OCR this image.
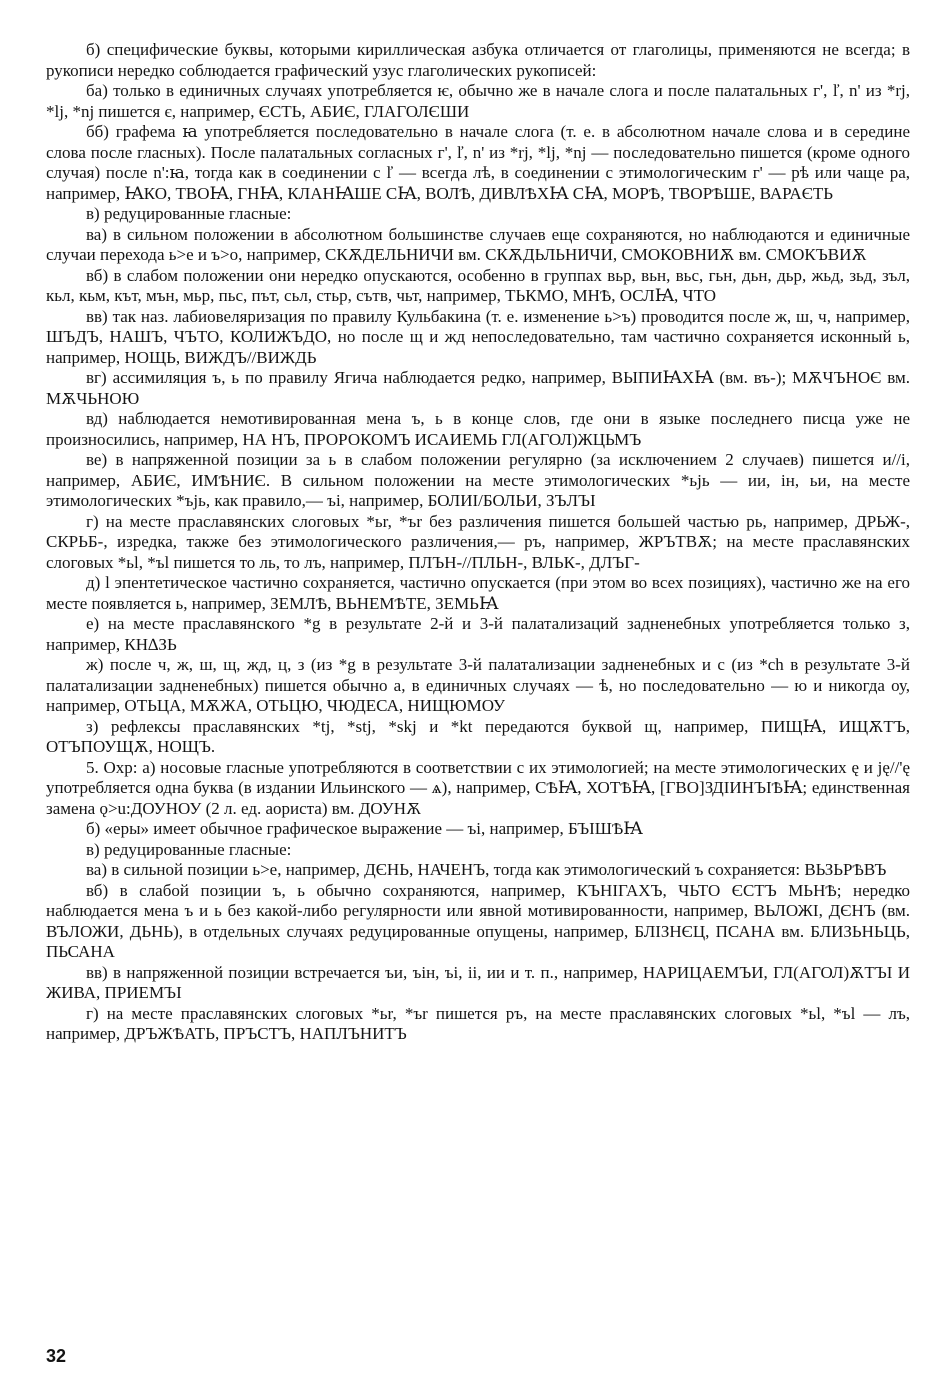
б) специфические буквы, которыми кириллическая азбука отличается от глаголицы, применяются не всегда; в рукописи нередко соблюдается графический узус глаголических рукописей:

ба) только в единичных случаях употребляется ѥ, обычно же в начале слога и после палатальных г', ľ, n' из *rj, *lj, *nj пишется є, например, ЄСТЬ, АБИЄ, ГЛАГОЛЄШИ

бб) графема ꙗ употребляется последовательно в начале слога (т. е. в абсолютном начале слова и в середине слова после гласных). После палатальных согласных г', ľ, n' из *rj, *lj, *nj — последовательно пишется (кроме одного случая) после n':ꙗ, тогда как в соединении с ľ — всегда лѣ, в соединении с этимологическим г' — рѣ или чаще ра, например, ꙖКО, ТВОꙖ, ГНꙖ, КЛАНꙖШЕ СꙖ, ВОЛѢ, ДИВЛѢХꙖ СꙖ, МОРѢ, ТВОРѢШЕ, ВАРАЄТЬ

в) редуцированные гласные:

ва) в сильном положении в абсолютном большинстве случаев еще сохраняются, но наблюдаются и единичные случаи перехода ь>е и ъ>о, например, СКѪДЕЛЬНИЧИ вм. СКѪДЬЛЬНИЧИ, СМОКОВНИѪ вм. СМОКЪВИѪ

вб) в слабом положении они нередко опускаются, особенно в группах вьр, вьн, вьс, гьн, дьн, дьр, жьд, зьд, зъл, кьл, кьм, кът, мън, мьр, пьс, път, сьл, стьр, сътв, чьт, например, ТЬКМО, МНѢ, ОСЛꙖ, ЧТО

вв) так наз. лабиовеляризация по правилу Кульбакина (т. е. изменение ь>ъ) проводится после ж, ш, ч, например, ШЪДЪ, НАШЪ, ЧЪТО, КОЛИЖЪДО, но после щ и жд непоследовательно, там частично сохраняется исконный ь, например, НОЩЬ, ВИЖДЪ//ВИЖДЬ

вг) ассимиляция ъ, ь по правилу Ягича наблюдается редко, например, ВЫПИꙖХꙖ (вм. въ-); МѪЧЪНОЄ вм. МѪЧЬНОЮ

вд) наблюдается немотивированная мена ъ, ь в конце слов, где они в языке последнего писца уже не произносились, например, НА НЪ, ПРОРОКОМЪ ИСАИЕМЬ ГЛ(АГОЛ)ЖЦЬМЪ

ве) в напряженной позиции за ь в слабом положении регулярно (за исключением 2 случаев) пишется и//і, например, АБИЄ, ИМѢНИЄ. В сильном положении на месте этимологических *ьјь — ии, ін, ьи, на месте этимологических *ъјь, как правило,— ъі, например, БОЛИІ/БОЛЬИ, ЗЪЛЪІ

г) на месте праславянских слоговых *ьr, *ъr без различения пишется большей частью рь, например, ДРЬЖ-, СКРЬБ-, изредка, также без этимологического различения,— ръ, например, ЖРЪТВѪ; на месте праславянских слоговых *ьl, *ъl пишется то ль, то лъ, например, ПЛЪН-//ПЛЬН-, ВЛЬК-, ДЛЪГ-

д) l эпентетическое частично сохраняется, частично опускается (при этом во всех позициях), частично же на его месте появляется ь, например, ЗЕМЛѢ, ВЬНЕМѢТЕ, ЗЕМЬꙖ

е) на месте праславянского *g в результате 2-й и 3-й палатализаций задненебных употребляется только з, например, КН∆ЗЬ

ж) после ч, ж, ш, щ, жд, ц, з (из *g в результате 3-й палатализации задненебных и с (из *ch в результате 3-й палатализации задненебных) пишется обычно а, в единичных случаях — ѣ, но последовательно — ю и никогда оу, например, ОТЬЦА, МѪЖА, ОТЬЦЮ, ЧЮДЕСА, НИЩЮМОУ

з) рефлексы праславянских *tj, *stj, *skj и *kt передаются буквой щ, например, ПИЩꙖ, ИЩѪТЪ, ОТЪПОУЩѪ, НОЩЪ.

5. Охр: а) носовые гласные употребляются в соответствии с их этимологией; на месте этимологических ę и ję//'ę употребляется одна буква (в издании Ильинского — ѧ), например, СѢꙖ, ХОТѢꙖ, [ГВО]ЗДІИНЪІѢꙖ; единственная замена ǫ>u:ДОУНОУ (2 л. ед. аориста) вм. ДОУНѪ

б) «еры» имеет обычное графическое выражение — ъі, например, БЪІШѢꙖ

в) редуцированные гласные:

ва) в сильной позиции ь>е, например, ДЄНЬ, НАЧЕНЪ, тогда как этимологический ъ сохраняется: ВЬЗЬРѢВЪ

вб) в слабой позиции ъ, ь обычно сохраняются, например, КЪНІГАХЪ, ЧЬТО ЄСТЪ МЬНѢ; нередко наблюдается мена ъ и ь без какой-либо регулярности или явной мотивированности, например, ВЬЛОЖІ, ДЄНЪ (вм. ВЪЛОЖИ, ДЬНЬ), в отдельных случаях редуцированные опущены, например, БЛІЗНЄЦ, ПСАНА вм. БЛИЗЬНЬЦЬ, ПЬСАНА

вв) в напряженной позиции встречается ъи, ъін, ъі, іі, ии и т. п., например, НАРИЦАЕМЪИ, ГЛ(АГОЛ)ѪТЪІ И ЖИВА, ПРИЕМЪІ

г) на месте праславянских слоговых *ьr, *ъr пишется ръ, на месте праславянских слоговых *ьl, *ъl — лъ, например, ДРЪЖѢАТЬ, ПРЪСТЪ, НАПЛЪНИТЪ

32
